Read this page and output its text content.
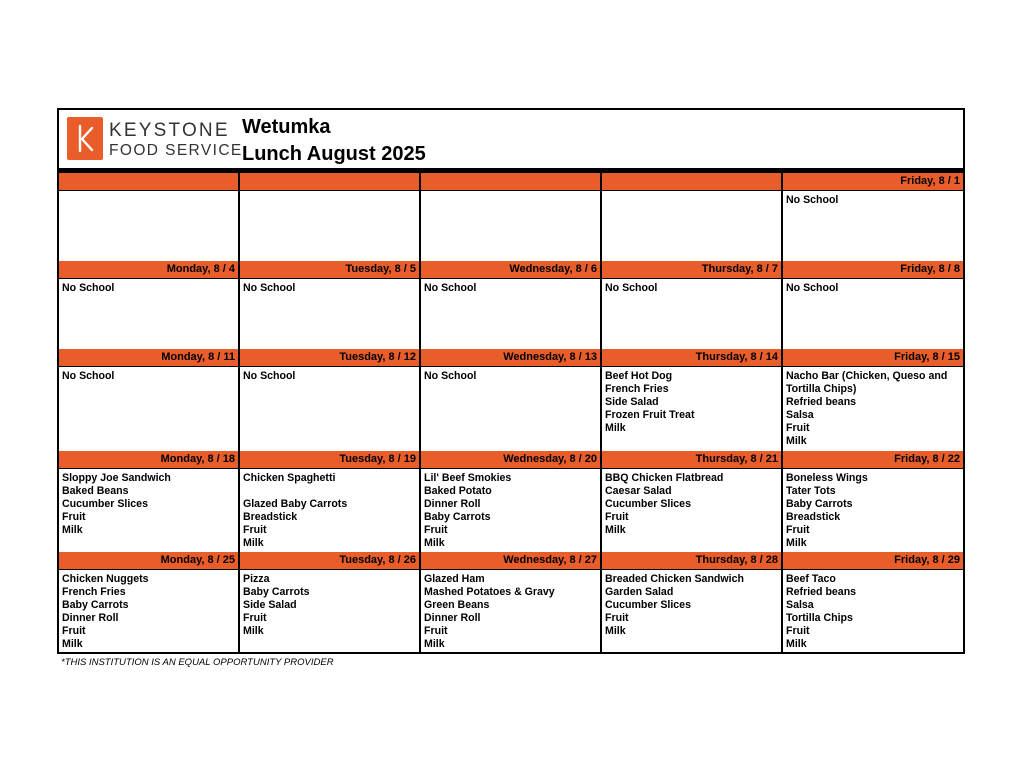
KEYSTONE
FOOD SERVICE
Wetumka
Lunch August 2025
Friday, 8 / 1
No School
Monday, 8 / 4
No School
Tuesday, 8 / 5
No School
Wednesday, 8 / 6
No School
Thursday, 8 / 7
No School
Friday, 8 / 8
No School
Monday, 8 / 11
No School
Tuesday, 8 / 12
No School
Wednesday, 8 / 13
No School
Thursday, 8 / 14
Beef Hot Dog
French Fries
Side Salad
Frozen Fruit Treat
Milk
Friday, 8 / 15
Nacho Bar (Chicken, Queso and
Tortilla Chips)
Refried beans
Salsa
Fruit
Milk
Monday, 8 / 18
Sloppy Joe Sandwich
Baked Beans
Cucumber Slices
Fruit
Milk
Tuesday, 8 / 19
Chicken Spaghetti
Glazed Baby Carrots
Breadstick
Fruit
Milk
Wednesday, 8 / 20
Lil' Beef Smokies
Baked Potato
Dinner Roll
Baby Carrots
Fruit
Milk
Thursday, 8 / 21
BBQ Chicken Flatbread
Caesar Salad
Cucumber Slices
Fruit
Milk
Friday, 8 / 22
Boneless Wings
Tater Tots
Baby Carrots
Breadstick
Fruit
Milk
Monday, 8 / 25
Chicken Nuggets
French Fries
Baby Carrots
Dinner Roll
Fruit
Milk
Tuesday, 8 / 26
Pizza
Baby Carrots
Side Salad
Fruit
Milk
Wednesday, 8 / 27
Glazed Ham
Mashed Potatoes & Gravy
Green Beans
Dinner Roll
Fruit
Milk
Thursday, 8 / 28
Breaded Chicken Sandwich
Garden Salad
Cucumber Slices
Fruit
Milk
Friday, 8 / 29
Beef Taco
Refried beans
Salsa
Tortilla Chips
Fruit
Milk
*THIS INSTITUTION IS AN EQUAL OPPORTUNITY PROVIDER
